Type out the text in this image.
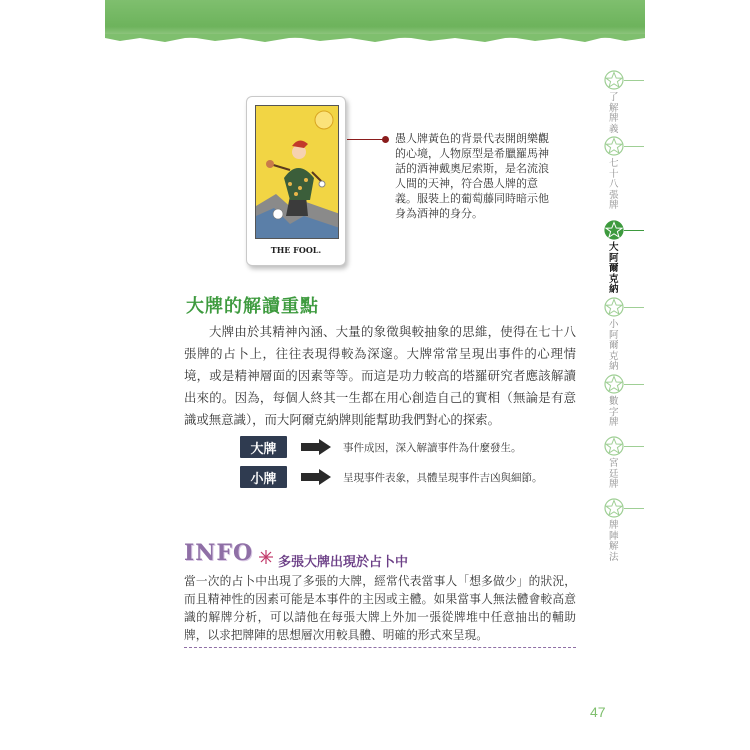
THE FOOL.

愚人牌黃色的背景代表開朗樂觀的心境，人物原型是希臘羅馬神話的酒神戴奧尼索斯，是名流浪人間的天神，符合愚人牌的意義。服裝上的葡萄藤同時暗示他身為酒神的身分。

大牌的解讀重點

大牌由於其精神內涵、大量的象徵與較抽象的思維，使得在七十八張牌的占卜上，往往表現得較為深邃。大牌常常呈現出事件的心理情境，或是精神層面的因素等等。而這是功力較高的塔羅研究者應該解讀出來的。因為，每個人終其一生都在用心創造自己的實相（無論是有意識或無意識），而大阿爾克納牌則能幫助我們對心的探索。

大牌	事件成因，深入解讀事件為什麼發生。
小牌	呈現事件表象，具體呈現事件吉凶與細節。
INFO 多張大牌出現於占卜中

當一次的占卜中出現了多張的大牌，經常代表當事人「想多做少」的狀況，而且精神性的因素可能是本事件的主因或主體。如果當事人無法體會較高意識的解牌分析，可以請他在每張大牌上外加一張從牌堆中任意抽出的輔助牌，以求把牌陣的思想層次用較具體、明確的形式來呈現。

了解牌義
七十八張牌
大阿爾克納
小阿爾克納
數字牌
宮廷牌
牌陣解法
47
